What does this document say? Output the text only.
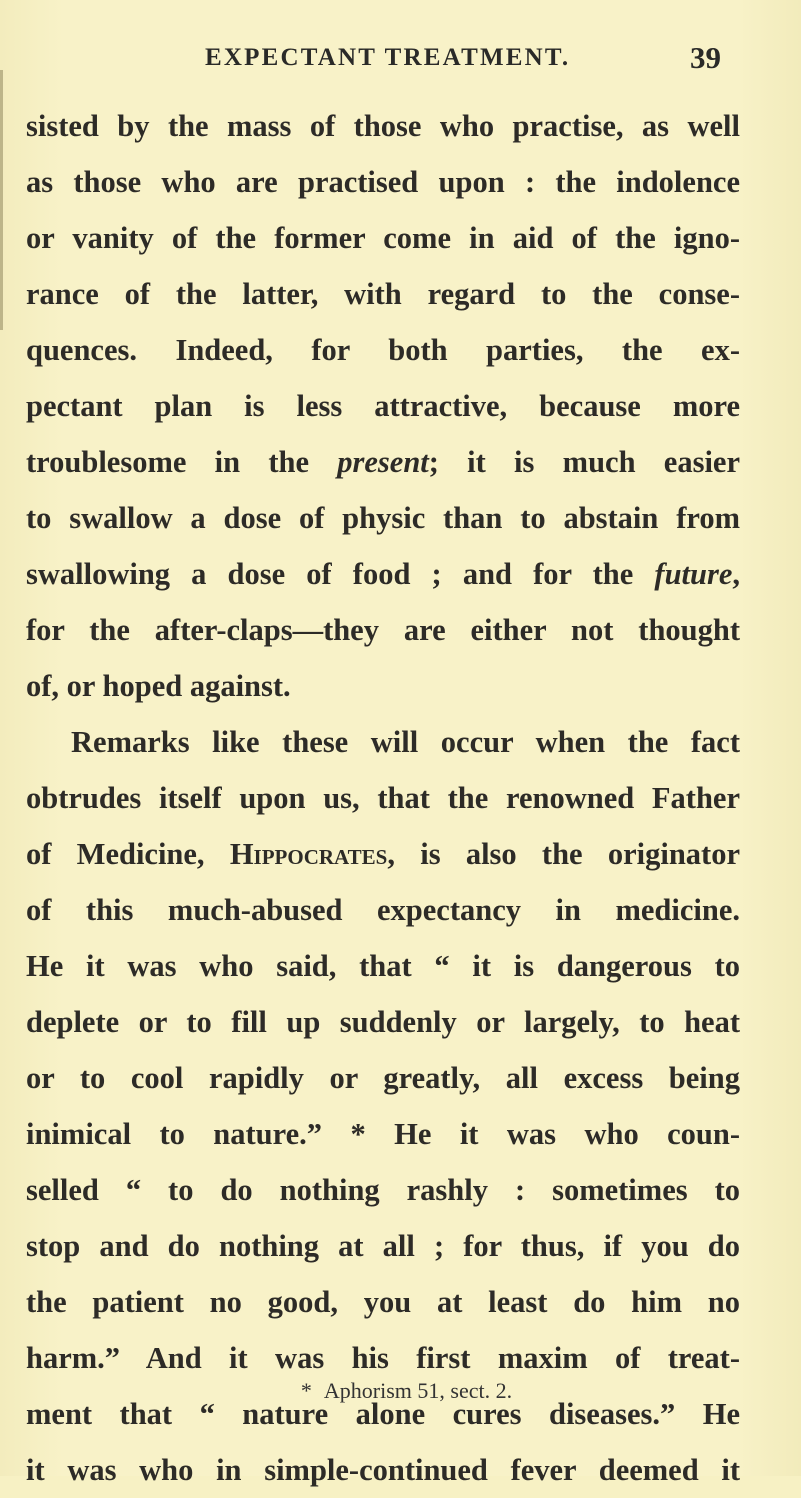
EXPECTANT TREATMENT.	39
sisted by the mass of those who practise, as well
as those who are practised upon : the indolence
or vanity of the former come in aid of the igno-
rance of the latter, with regard to the conse-
quences. Indeed, for both parties, the ex-
pectant plan is less attractive, because more
troublesome in the present; it is much easier
to swallow a dose of physic than to abstain from
swallowing a dose of food ; and for the future,
for the after-claps—they are either not thought
of, or hoped against.
Remarks like these will occur when the fact
obtrudes itself upon us, that the renowned Father
of Medicine, Hippocrates, is also the originator
of this much-abused expectancy in medicine.
He it was who said, that “ it is dangerous to
deplete or to fill up suddenly or largely, to heat
or to cool rapidly or greatly, all excess being
inimical to nature.” * He it was who coun-
selled “ to do nothing rashly : sometimes to
stop and do nothing at all ; for thus, if you do
the patient no good, you at least do him no
harm.” And it was his first maxim of treat-
ment that “ nature alone cures diseases.” He
it was who in simple-continued fever deemed it
* Aphorism 51, sect. 2.
